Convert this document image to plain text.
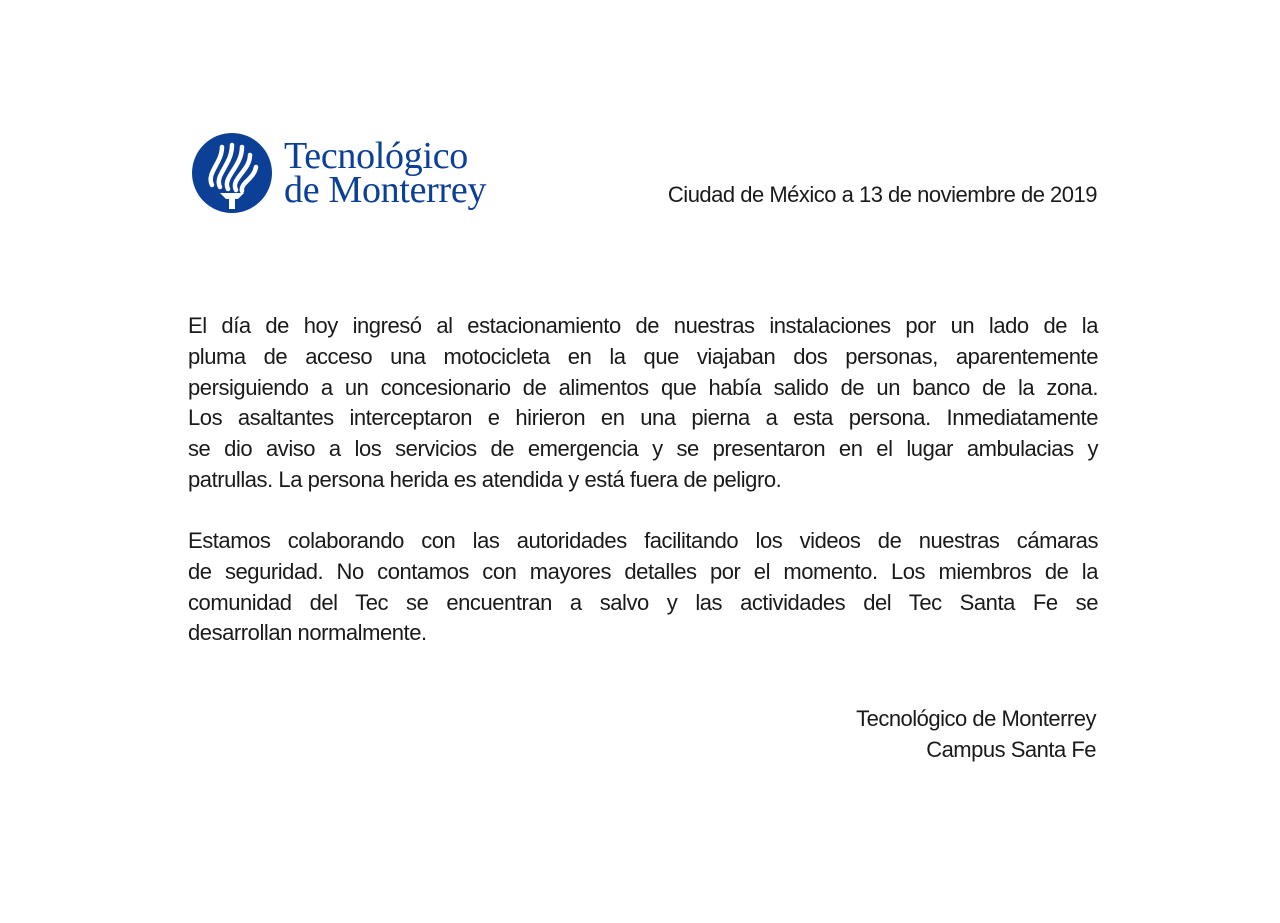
Tecnológico
de Monterrey	Ciudad de México a 13 de noviembre de 2019
El día de hoy ingresó al estacionamiento de nuestras instalaciones por un lado de la
pluma de acceso una motocicleta en la que viajaban dos personas, aparentemente
persiguiendo a un concesionario de alimentos que había salido de un banco de la zona.
Los asaltantes interceptaron e hirieron en una pierna a esta persona. Inmediatamente
se dio aviso a los servicios de emergencia y se presentaron en el lugar ambulacias y
patrullas. La persona herida es atendida y está fuera de peligro.
Estamos colaborando con las autoridades facilitando los videos de nuestras cámaras
de seguridad. No contamos con mayores detalles por el momento. Los miembros de la
comunidad del Tec se encuentran a salvo y las actividades del Tec Santa Fe se
desarrollan normalmente.
Tecnológico de Monterrey
Campus Santa Fe
